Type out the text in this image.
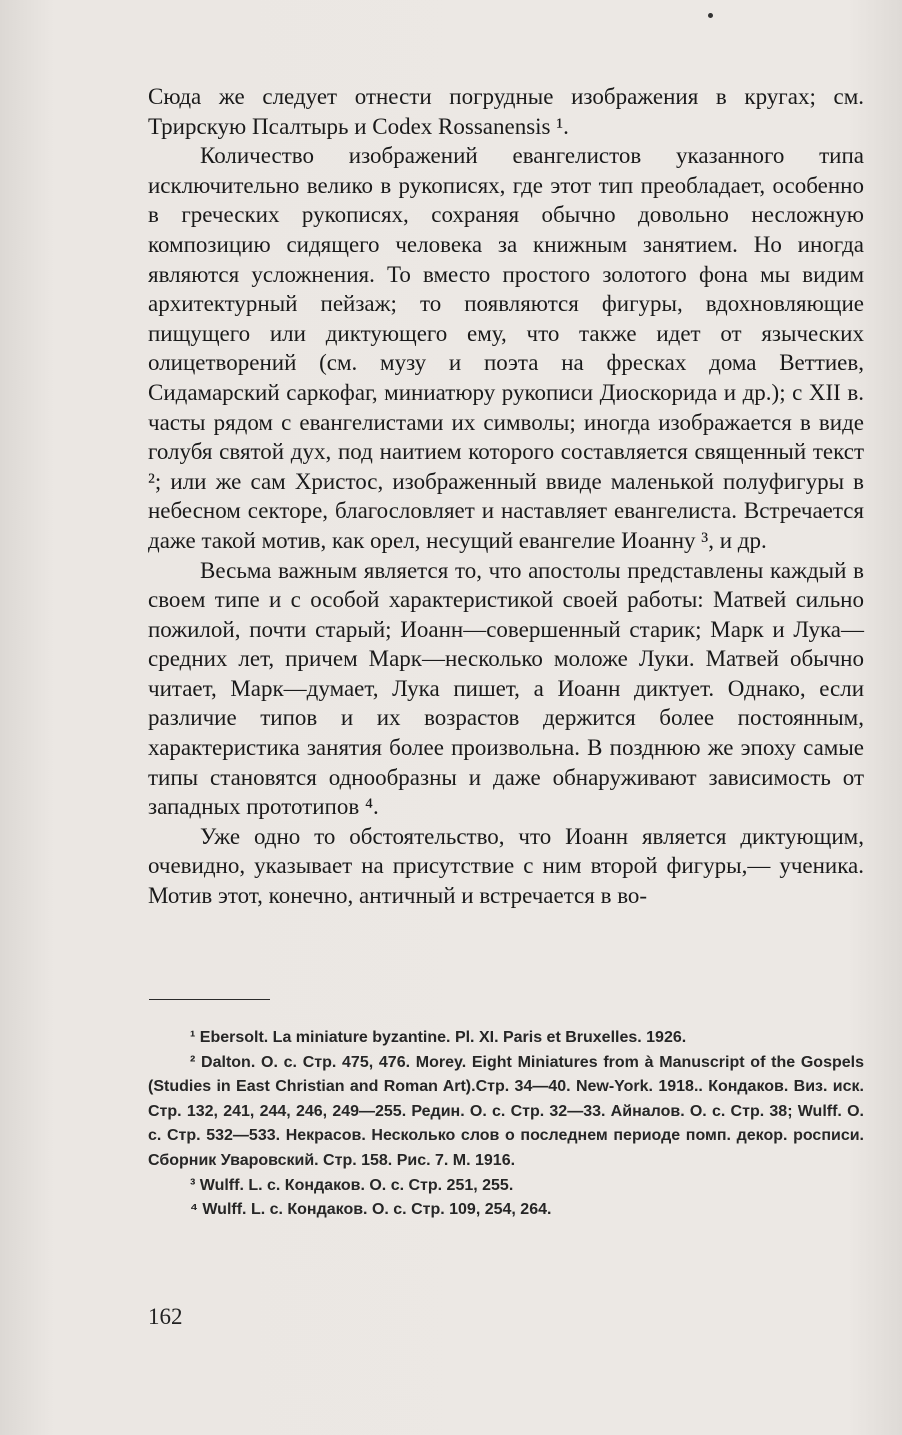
Сюда же следует отнести погрудные изображения в кругах; см. Трирскую Псалтырь и Codex Rossanensis ¹.

Количество изображений евангелистов указанного типа исключительно велико в рукописях, где этот тип преобладает, особенно в греческих рукописях, сохраняя обычно довольно несложную композицию сидящего человека за книжным занятием. Но иногда являются усложнения. То вместо простого золотого фона мы видим архитектурный пейзаж; то появляются фигуры, вдохновляющие пищущего или диктующего ему, что также идет от языческих олицетворений (см. музу и поэта на фресках дома Веттиев, Сидамарский саркофаг, миниатюру рукописи Диоскорида и др.); с XII в. часты рядом с евангелистами их символы; иногда изображается в виде голубя святой дух, под наитием которого составляется священный текст ²; или же сам Христос, изображенный ввиде маленькой полуфигуры в небесном секторе, благословляет и наставляет евангелиста. Встречается даже такой мотив, как орел, несущий евангелие Иоанну ³, и др.

Весьма важным является то, что апостолы представлены каждый в своем типе и с особой характеристикой своей работы: Матвей сильно пожилой, почти старый; Иоанн—совершенный старик; Марк и Лука—средних лет, причем Марк—несколько моложе Луки. Матвей обычно читает, Марк—думает, Лука пишет, а Иоанн диктует. Однако, если различие типов и их возрастов держится более постоянным, характеристика занятия более произвольна. В позднюю же эпоху самые типы становятся однообразны и даже обнаруживают зависимость от западных прототипов ⁴.

Уже одно то обстоятельство, что Иоанн является диктующим, очевидно, указывает на присутствие с ним второй фигуры,— ученика. Мотив этот, конечно, античный и встречается в во-

¹ Ebersolt. La miniature byzantine. Pl. XI. Paris et Bruxelles. 1926.

² Dalton. O. c. Стр. 475, 476. Morey. Eight Miniatures from à Manuscript of the Gospels (Studies in East Christian and Roman Art).Стр. 34—40. New-York. 1918.. Кондаков. Виз. иск. Стр. 132, 241, 244, 246, 249—255. Редин. О. с. Стр. 32—33. Айналов. О. с. Стр. 38; Wulff. O. c. Стр. 532—533. Некрасов. Несколько слов о последнем периоде помп. декор. росписи. Сборник Уваровский. Стр. 158. Рис. 7. М. 1916.

³ Wulff. L. c. Кондаков. О. с. Стр. 251, 255.

⁴ Wulff. L. c. Кондаков. О. с. Стр. 109, 254, 264.

162
